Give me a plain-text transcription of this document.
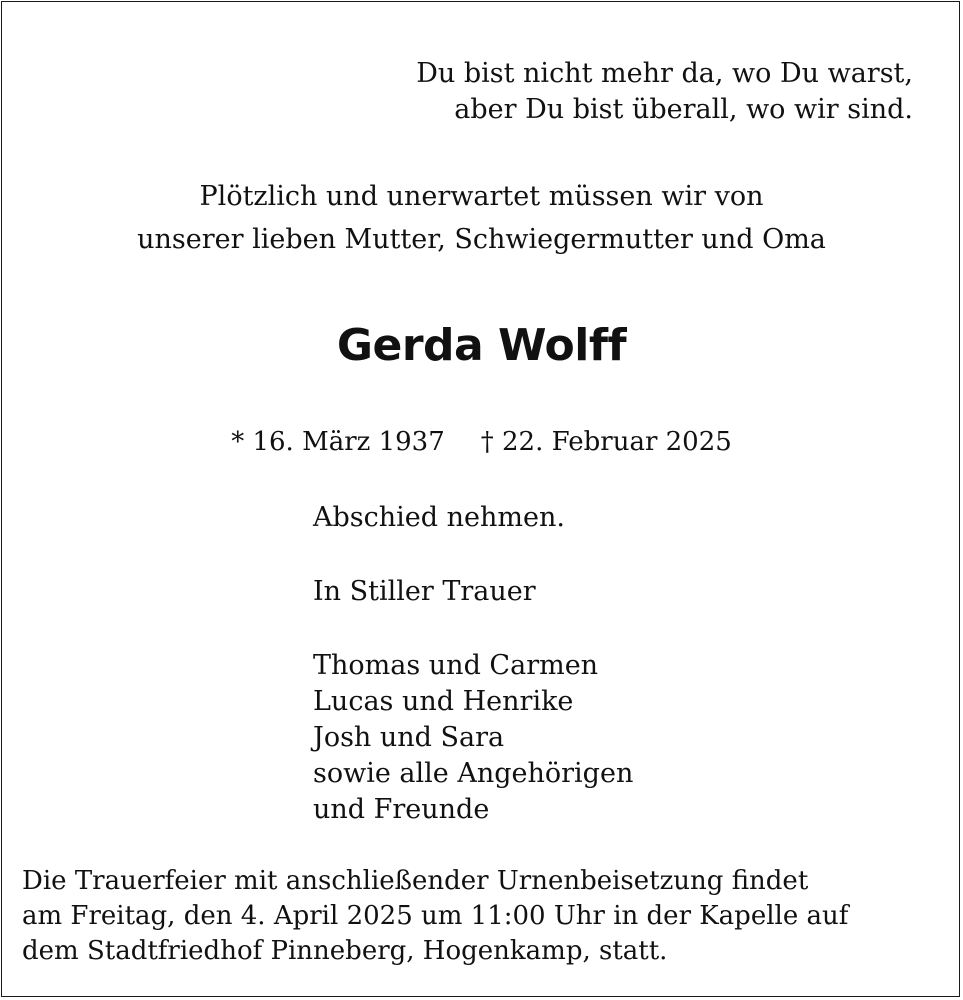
Du bist nicht mehr da, wo Du warst,
aber Du bist überall, wo wir sind.
Plötzlich und unerwartet müssen wir von
unserer lieben Mutter, Schwiegermutter und Oma
Gerda Wolff
* 16. März 1937 † 22. Februar 2025
Abschied nehmen.
In Stiller Trauer
Thomas und Carmen
Lucas und Henrike
Josh und Sara
sowie alle Angehörigen
und Freunde
Die Trauerfeier mit anschließender Urnenbeisetzung findet
am Freitag, den 4. April 2025 um 11:00 Uhr in der Kapelle auf
dem Stadtfriedhof Pinneberg, Hogenkamp, statt.
